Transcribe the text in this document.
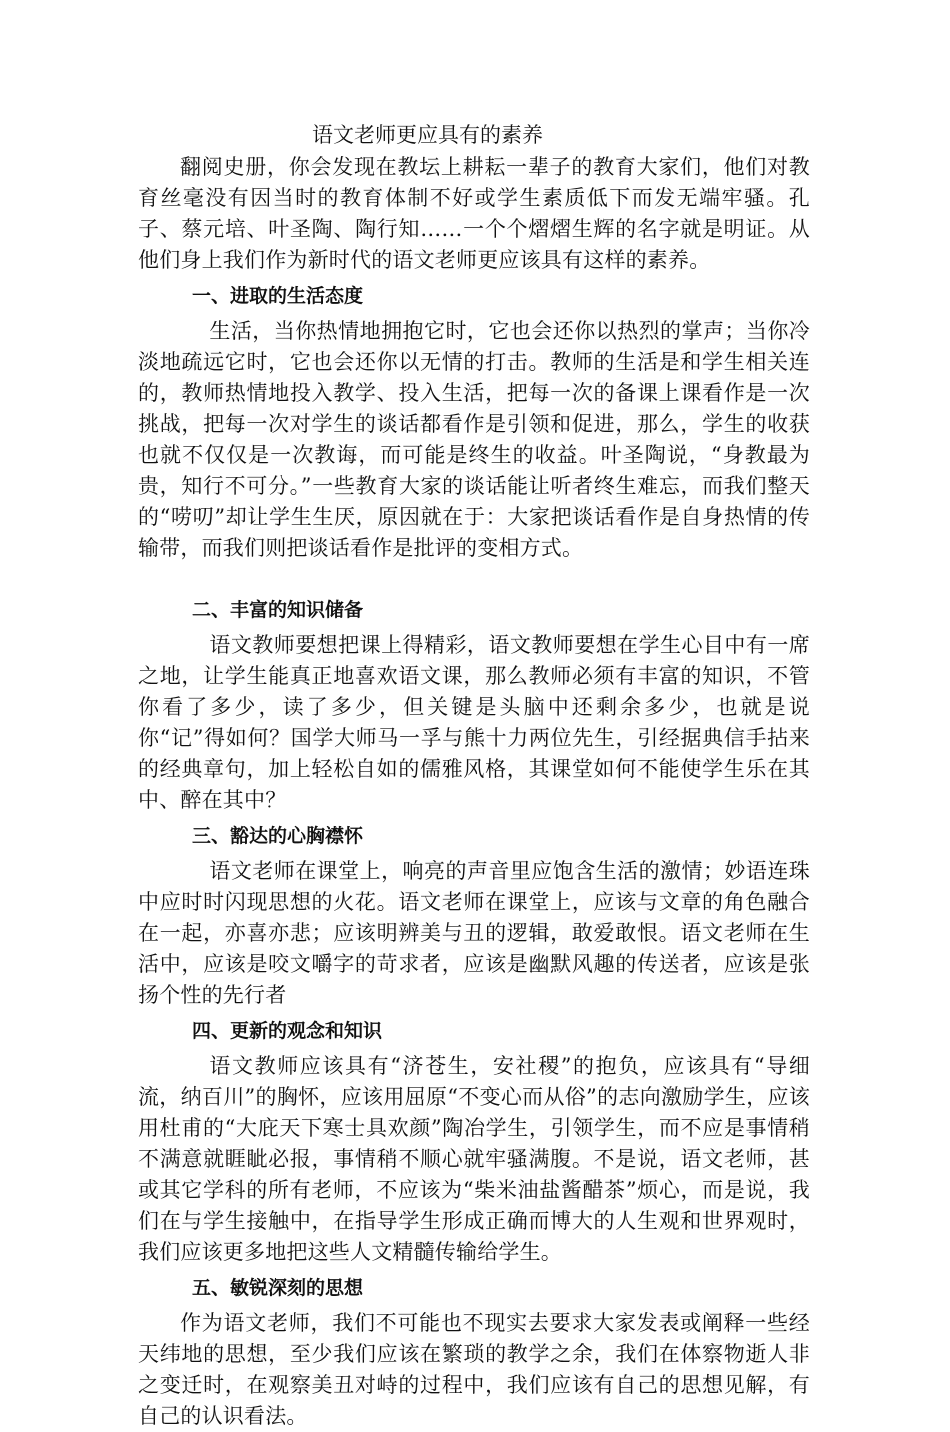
语文老师更应具有的素养

翻阅史册，你会发现在教坛上耕耘一辈子的教育大家们，他们对教育丝毫没有因当时的教育体制不好或学生素质低下而发无端牢骚。孔子、蔡元培、叶圣陶、陶行知……一个个熠熠生辉的名字就是明证。从他们身上我们作为新时代的语文老师更应该具有这样的素养。

一、进取的生活态度

生活，当你热情地拥抱它时，它也会还你以热烈的掌声；当你冷淡地疏远它时，它也会还你以无情的打击。教师的生活是和学生相关连的，教师热情地投入教学、投入生活，把每一次的备课上课看作是一次挑战，把每一次对学生的谈话都看作是引领和促进，那么，学生的收获也就不仅仅是一次教诲，而可能是终生的收益。叶圣陶说，“身教最为贵，知行不可分。”一些教育大家的谈话能让听者终生难忘，而我们整天的“唠叨”却让学生生厌，原因就在于：大家把谈话看作是自身热情的传输带，而我们则把谈话看作是批评的变相方式。

二、丰富的知识储备

语文教师要想把课上得精彩，语文教师要想在学生心目中有一席之地，让学生能真正地喜欢语文课，那么教师必须有丰富的知识，不管你看了多少，读了多少，但关键是头脑中还剩余多少，也就是说你“记”得如何？国学大师马一孚与熊十力两位先生，引经据典信手拈来的经典章句，加上轻松自如的儒雅风格，其课堂如何不能使学生乐在其中、醉在其中？

三、豁达的心胸襟怀

语文老师在课堂上，响亮的声音里应饱含生活的激情；妙语连珠中应时时闪现思想的火花。语文老师在课堂上，应该与文章的角色融合在一起，亦喜亦悲；应该明辨美与丑的逻辑，敢爱敢恨。语文老师在生活中，应该是咬文嚼字的苛求者，应该是幽默风趣的传送者，应该是张扬个性的先行者

四、更新的观念和知识

语文教师应该具有“济苍生，安社稷”的抱负，应该具有“导细流，纳百川”的胸怀，应该用屈原“不变心而从俗”的志向激励学生，应该用杜甫的“大庇天下寒士具欢颜”陶冶学生，引领学生，而不应是事情稍不满意就睚眦必报，事情稍不顺心就牢骚满腹。不是说，语文老师，甚或其它学科的所有老师，不应该为“柴米油盐酱醋茶”烦心，而是说，我们在与学生接触中，在指导学生形成正确而博大的人生观和世界观时，我们应该更多地把这些人文精髓传输给学生。

五、敏锐深刻的思想

作为语文老师，我们不可能也不现实去要求大家发表或阐释一些经天纬地的思想，至少我们应该在繁琐的教学之余，我们在体察物逝人非之变迁时，在观察美丑对峙的过程中，我们应该有自己的思想见解，有自己的认识看法。
